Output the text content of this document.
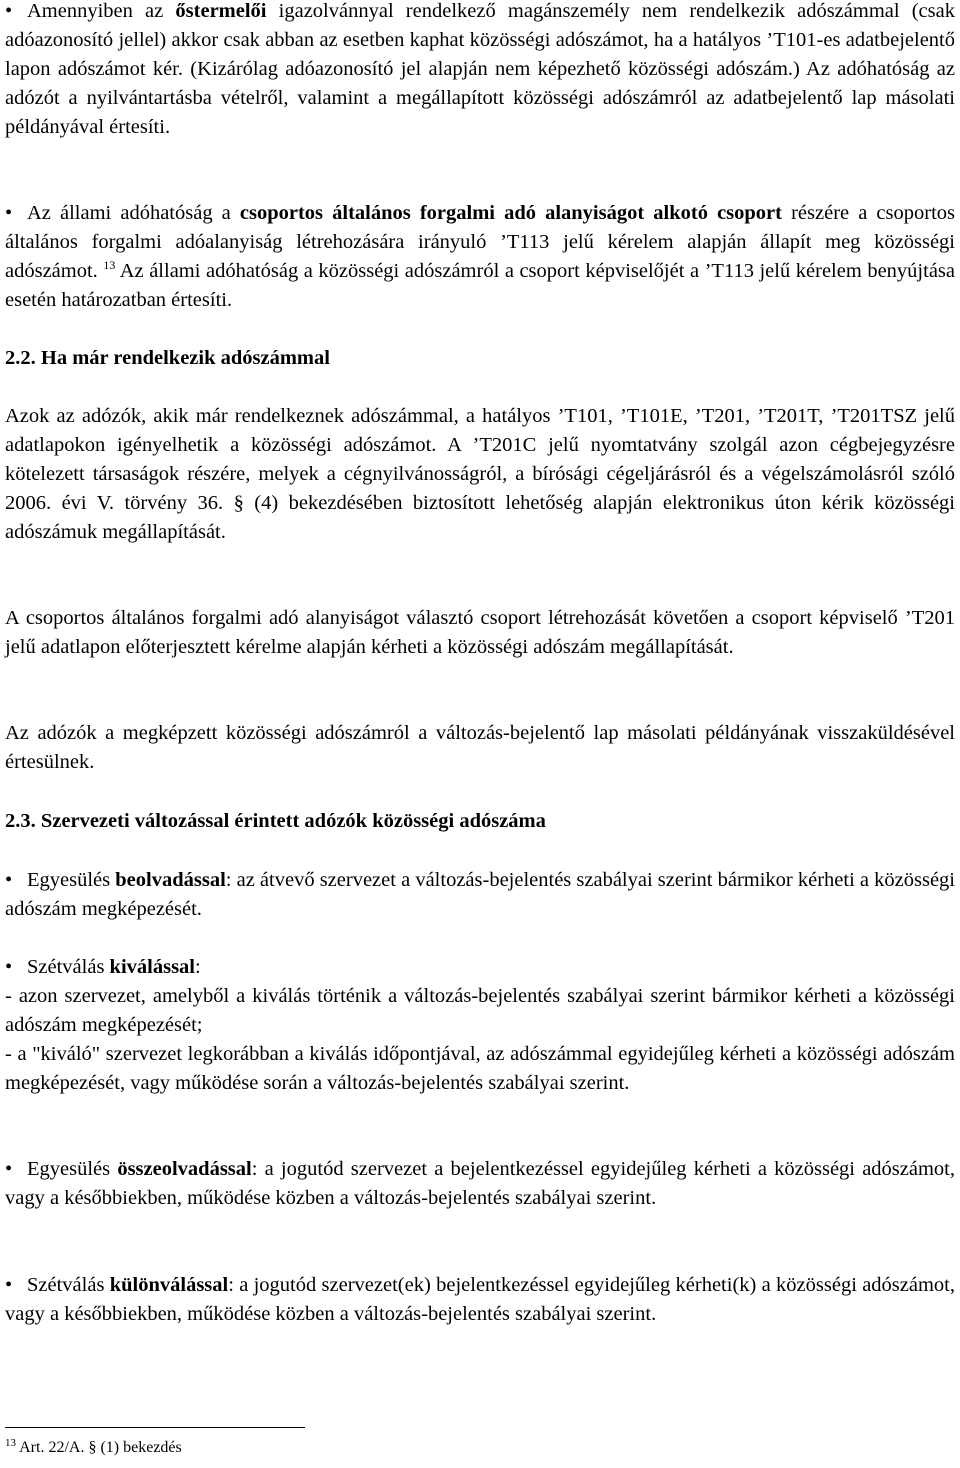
• Amennyiben az őstermelői igazolvánnyal rendelkező magánszemély nem rendelkezik adószámmal (csak adóazonosító jellel) akkor csak abban az esetben kaphat közösségi adószámot, ha a hatályos ’T101-es adatbejelentő lapon adószámot kér. (Kizárólag adóazonosító jel alapján nem képezhető közösségi adószám.) Az adóhatóság az adózót a nyilvántartásba vételről, valamint a megállapított közösségi adószámról az adatbejelentő lap másolati példányával értesíti.

• Az állami adóhatóság a csoportos általános forgalmi adó alanyiságot alkotó csoport részére a csoportos általános forgalmi adóalanyiság létrehozására irányuló ’T113 jelű kérelem alapján állapít meg közösségi adószámot. $^{13}$ Az állami adóhatóság a közösségi adószámról a csoport képviselőjét a ’T113 jelű kérelem benyújtása esetén határozatban értesíti.

2.2. Ha már rendelkezik adószámmal

Azok az adózók, akik már rendelkeznek adószámmal, a hatályos ’T101, ’T101E, ’T201, ’T201T, ’T201TSZ jelű adatlapokon igényelhetik a közösségi adószámot. A ’T201C jelű nyomtatvány szolgál azon cégbejegyzésre kötelezett társaságok részére, melyek a cégnyilvánosságról, a bírósági cégeljárásról és a végelszámolásról szóló 2006. évi V. törvény 36. § (4) bekezdésében biztosított lehetőség alapján elektronikus úton kérik közösségi adószámuk megállapítását.

A csoportos általános forgalmi adó alanyiságot választó csoport létrehozását követően a csoport képviselő ’T201 jelű adatlapon előterjesztett kérelme alapján kérheti a közösségi adószám megállapítását.

Az adózók a megképzett közösségi adószámról a változás-bejelentő lap másolati példányának visszaküldésével értesülnek.

2.3. Szervezeti változással érintett adózók közösségi adószáma

• Egyesülés beolvadással: az átvevő szervezet a változás-bejelentés szabályai szerint bármikor kérheti a közösségi adószám megképezését.

• Szétválás kiválással:

- azon szervezet, amelyből a kiválás történik a változás-bejelentés szabályai szerint bármikor kérheti a közösségi adószám megképezését;

- a "kiváló" szervezet legkorábban a kiválás időpontjával, az adószámmal egyidejűleg kérheti a közösségi adószám megképezését, vagy működése során a változás-bejelentés szabályai szerint.

• Egyesülés összeolvadással: a jogutód szervezet a bejelentkezéssel egyidejűleg kérheti a közösségi adószámot, vagy a későbbiekben, működése közben a változás-bejelentés szabályai szerint.

• Szétválás különválással: a jogutód szervezet(ek) bejelentkezéssel egyidejűleg kérheti(k) a közösségi adószámot, vagy a későbbiekben, működése közben a változás-bejelentés szabályai szerint.

$^{13}$ Art. 22/A. § (1) bekezdés
